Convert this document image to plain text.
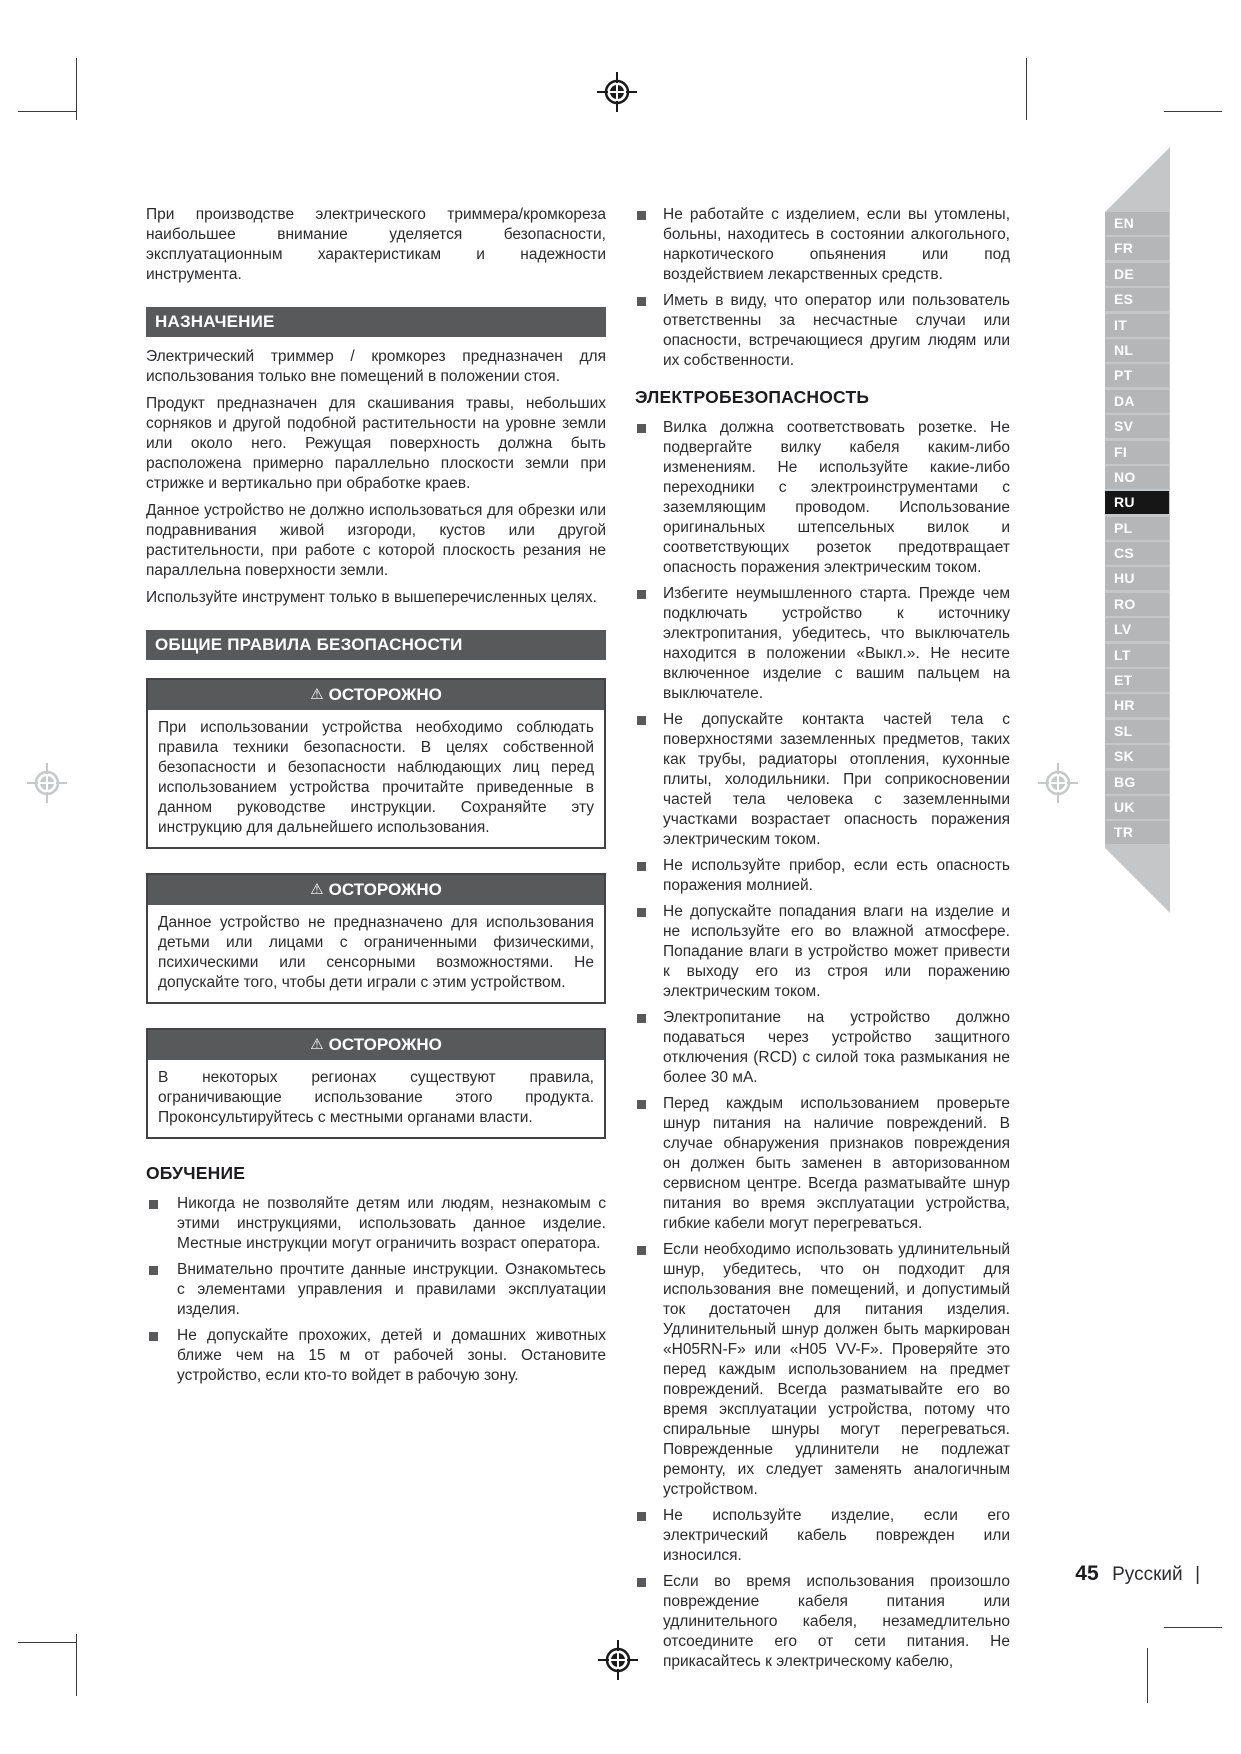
При производстве электрического триммера/кромкореза наибольшее внимание уделяется безопасности, эксплуатационным характеристикам и надежности инструмента.

НАЗНАЧЕНИЕ

Электрический триммер / кромкорез предназначен для использования только вне помещений в положении стоя.

Продукт предназначен для скашивания травы, небольших сорняков и другой подобной растительности на уровне земли или около него. Режущая поверхность должна быть расположена примерно параллельно плоскости земли при стрижке и вертикально при обработке краев.

Данное устройство не должно использоваться для обрезки или подравнивания живой изгороди, кустов или другой растительности, при работе с которой плоскость резания не параллельна поверхности земли.

Используйте инструмент только в вышеперечисленных целях.

ОБЩИЕ ПРАВИЛА БЕЗОПАСНОСТИ
⚠ ОСТОРОЖНО

При использовании устройства необходимо соблюдать правила техники безопасности. В целях собственной безопасности и безопасности наблюдающих лиц перед использованием устройства прочитайте приведенные в данном руководстве инструкции. Сохраняйте эту инструкцию для дальнейшего использования.

⚠ ОСТОРОЖНО

Данное устройство не предназначено для использования детьми или лицами с ограниченными физическими, психическими или сенсорными возможностями. Не допускайте того, чтобы дети играли с этим устройством.

⚠ ОСТОРОЖНО

В некоторых регионах существуют правила, ограничивающие использование этого продукта. Проконсультируйтесь с местными органами власти.

ОБУЧЕНИЕ

Никогда не позволяйте детям или людям, незнакомым с этими инструкциями, использовать данное изделие. Местные инструкции могут ограничить возраст оператора.

Внимательно прочтите данные инструкции. Ознакомьтесь с элементами управления и правилами эксплуатации изделия.

Не допускайте прохожих, детей и домашних животных ближе чем на 15 м от рабочей зоны. Остановите устройство, если кто-то войдет в рабочую зону.

Не работайте с изделием, если вы утомлены, больны, находитесь в состоянии алкогольного, наркотического опьянения или под воздействием лекарственных средств.

Иметь в виду, что оператор или пользователь ответственны за несчастные случаи или опасности, встречающиеся другим людям или их собственности.

ЭЛЕКТРОБЕЗОПАСНОСТЬ

Вилка должна соответствовать розетке. Не подвергайте вилку кабеля каким-либо изменениям. Не используйте какие-либо переходники с электроинструментами с заземляющим проводом. Использование оригинальных штепсельных вилок и соответствующих розеток предотвращает опасность поражения электрическим током.

Избегите неумышленного старта. Прежде чем подключать устройство к источнику электропитания, убедитесь, что выключатель находится в положении «Выкл.». Не несите включенное изделие с вашим пальцем на выключателе.

Не допускайте контакта частей тела с поверхностями заземленных предметов, таких как трубы, радиаторы отопления, кухонные плиты, холодильники. При соприкосновении частей тела человека с заземленными участками возрастает опасность поражения электрическим током.

Не используйте прибор, если есть опасность поражения молнией.

Не допускайте попадания влаги на изделие и не используйте его во влажной атмосфере. Попадание влаги в устройство может привести к выходу его из строя или поражению электрическим током.

Электропитание на устройство должно подаваться через устройство защитного отключения (RCD) с силой тока размыкания не более 30 мА.

Перед каждым использованием проверьте шнур питания на наличие повреждений. В случае обнаружения признаков повреждения он должен быть заменен в авторизованном сервисном центре. Всегда разматывайте шнур питания во время эксплуатации устройства, гибкие кабели могут перегреваться.

Если необходимо использовать удлинительный шнур, убедитесь, что он подходит для использования вне помещений, и допустимый ток достаточен для питания изделия. Удлинительный шнур должен быть маркирован «H05RN-F» или «H05 VV-F». Проверяйте это перед каждым использованием на предмет повреждений. Всегда разматывайте его во время эксплуатации устройства, потому что спиральные шнуры могут перегреваться. Поврежденные удлинители не подлежат ремонту, их следует заменять аналогичным устройством.

Не используйте изделие, если его электрический кабель поврежден или износился.

Если во время использования произошло повреждение кабеля питания или удлинительного кабеля, незамедлительно отсоедините его от сети питания. Не прикасайтесь к электрическому кабелю,

EN
FR
DE
ES
IT
NL
PT
DA
SV
FI
NO
RU
PL
CS
HU
RO
LV
LT
ET
HR
SL
SK
BG
UK
TR
45 Русский |
